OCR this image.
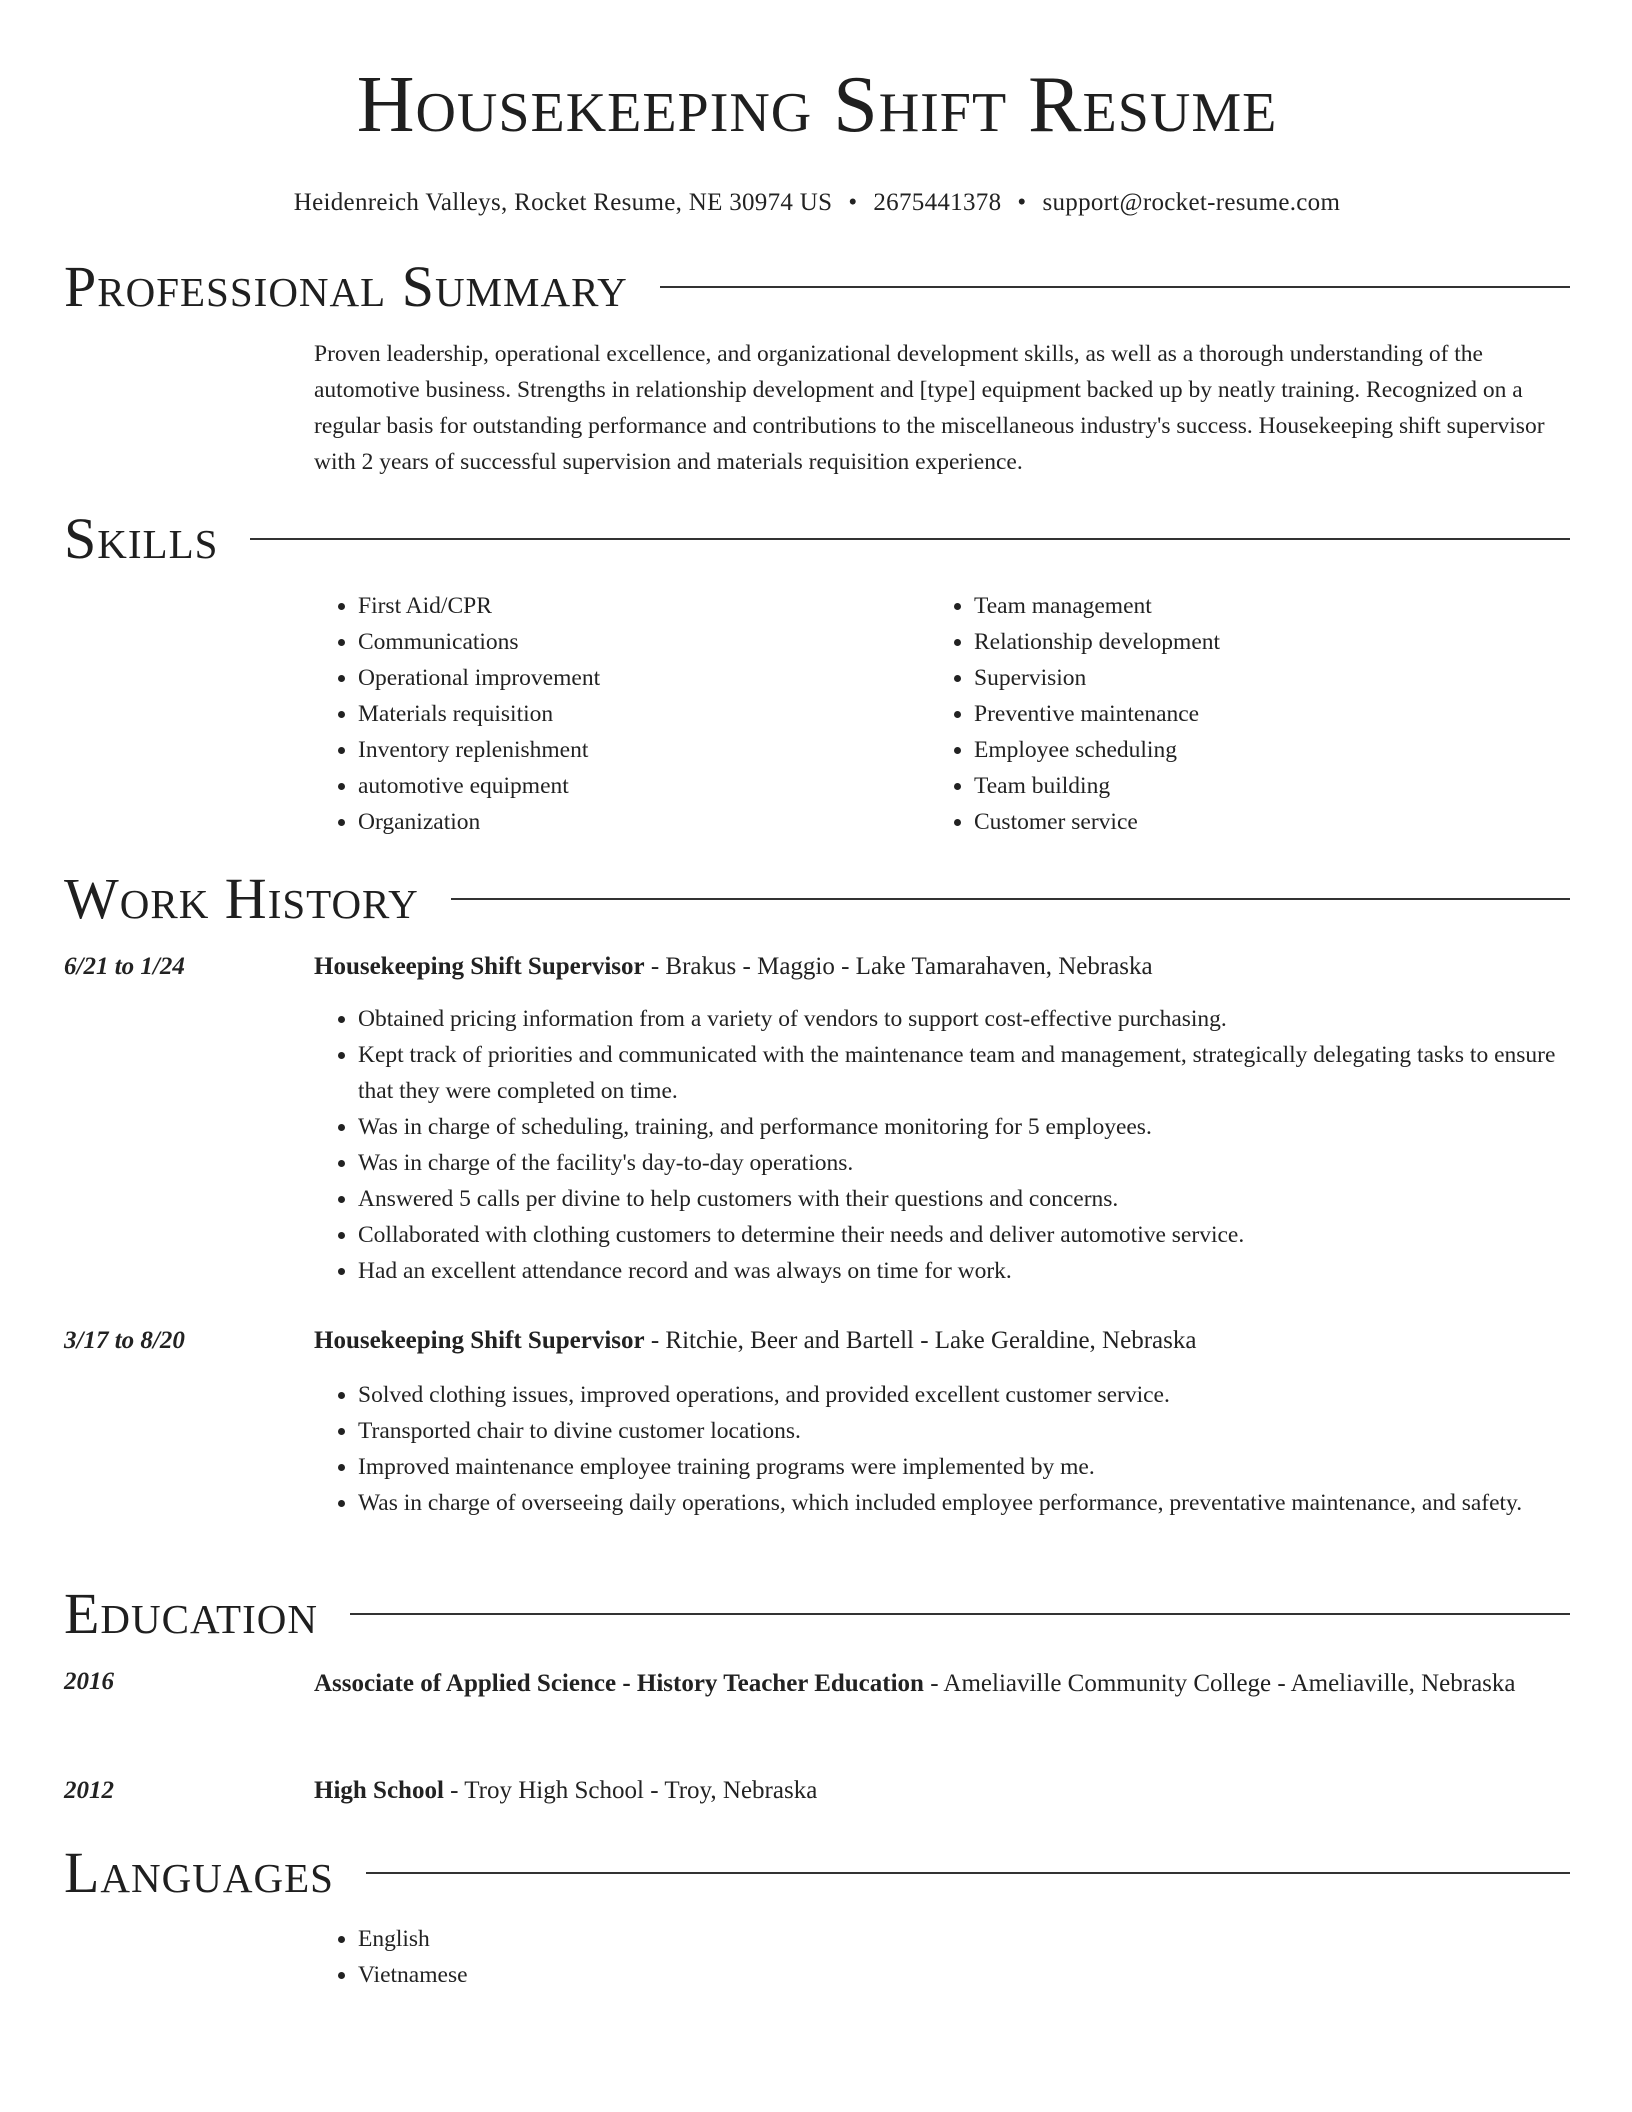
Housekeeping Shift Resume
Heidenreich Valleys, Rocket Resume, NE 30974 US • 2675441378 • support@rocket-resume.com
Professional Summary

Proven leadership, operational excellence, and organizational development skills, as well as a thorough understanding of the automotive business. Strengths in relationship development and [type] equipment backed up by neatly training. Recognized on a regular basis for outstanding performance and contributions to the miscellaneous industry's success. Housekeeping shift supervisor with 2 years of successful supervision and materials requisition experience.

Skills
• First Aid/CPR
• Communications
• Operational improvement
• Materials requisition
• Inventory replenishment
• automotive equipment
• Organization
• Team management
• Relationship development
• Supervision
• Preventive maintenance
• Employee scheduling
• Team building
• Customer service
Work History
6/21 to 1/24	Housekeeping Shift Supervisor - Brakus - Maggio - Lake Tamarahaven, Nebraska

• Obtained pricing information from a variety of vendors to support cost-effective purchasing.
• Kept track of priorities and communicated with the maintenance team and management, strategically delegating tasks to ensure that they were completed on time.
• Was in charge of scheduling, training, and performance monitoring for 5 employees.
• Was in charge of the facility's day-to-day operations.
• Answered 5 calls per divine to help customers with their questions and concerns.
• Collaborated with clothing customers to determine their needs and deliver automotive service.
• Had an excellent attendance record and was always on time for work.
3/17 to 8/20	Housekeeping Shift Supervisor - Ritchie, Beer and Bartell - Lake Geraldine, Nebraska

• Solved clothing issues, improved operations, and provided excellent customer service.
• Transported chair to divine customer locations.
• Improved maintenance employee training programs were implemented by me.
• Was in charge of overseeing daily operations, which included employee performance, preventative maintenance, and safety.
Education
2016	Associate of Applied Science - History Teacher Education - Ameliaville Community College - Ameliaville, Nebraska

2012	High School - Troy High School - Troy, Nebraska

Languages
• English
• Vietnamese
